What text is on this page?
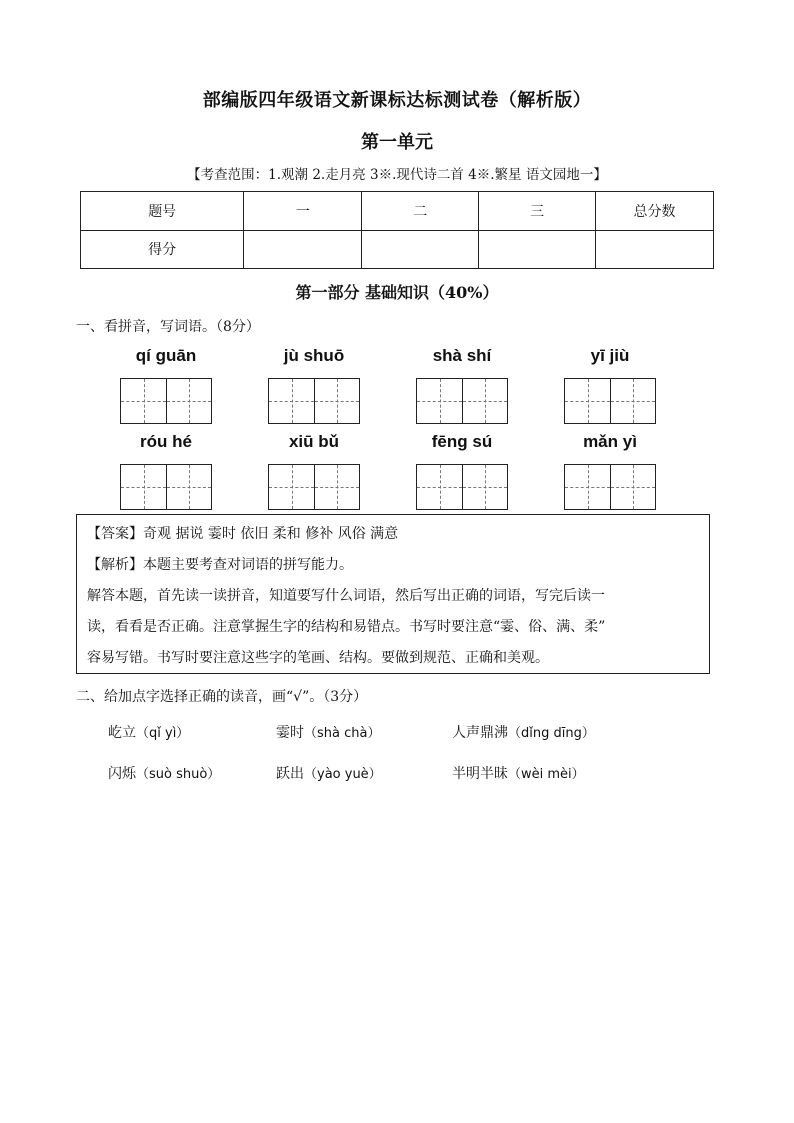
部编版四年级语文新课标达标测试卷（解析版）
第一单元
【考查范围：1.观潮 2.走月亮 3※.现代诗二首 4※.繁星 语文园地一】
题号	一	二	三	总分数
得分				
第一部分 基础知识（40%）
一、看拼音，写词语。（8分）
qí guān	jù shuō	shà shí	yī jiù
róu hé	xiū bǔ	fēng sú	mǎn yì

【答案】奇观 据说 霎时 依旧 柔和 修补 风俗 满意

【解析】本题主要考查对词语的拼写能力。

解答本题，首先读一读拼音，知道要写什么词语，然后写出正确的词语，写完后读一

读，看看是否正确。注意掌握生字的结构和易错点。书写时要注意“霎、俗、满、柔”

容易写错。书写时要注意这些字的笔画、结构。要做到规范、正确和美观。

二、给加点字选择正确的读音，画“√”。（3分）
屹立（qǐ yì）	霎时（shà chà）	人声鼎沸（dǐng dīng）
闪烁（suò shuò）	跃出（yào yuè）	半明半昧（wèi mèi）
